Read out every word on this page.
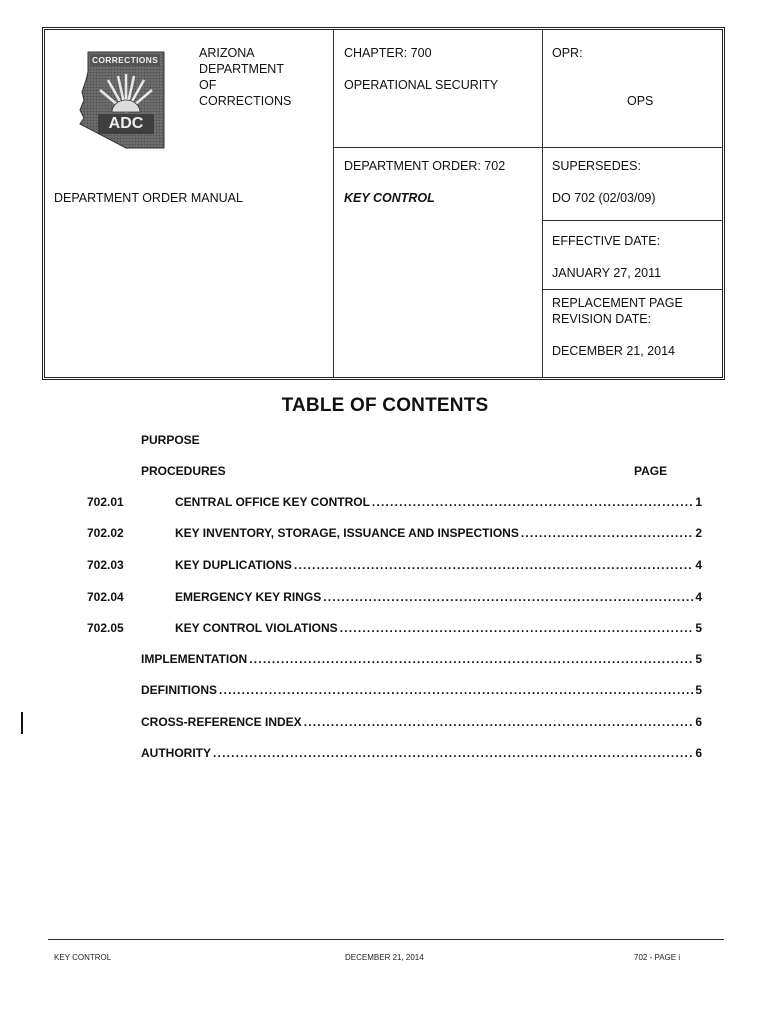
CORRECTIONS
ADC
ARIZONA
DEPARTMENT
OF
CORRECTIONS
DEPARTMENT ORDER MANUAL
CHAPTER: 700
OPERATIONAL SECURITY
OPR:
OPS
DEPARTMENT ORDER: 702
KEY CONTROL
SUPERSEDES:
DO 702 (02/03/09)
EFFECTIVE DATE:
JANUARY 27, 2011
REPLACEMENT PAGE
REVISION DATE:
DECEMBER 21, 2014
TABLE OF CONTENTS
PURPOSE
PROCEDURES	PAGE
702.01	CENTRAL OFFICE KEY CONTROL .....	1
702.02	KEY INVENTORY, STORAGE, ISSUANCE AND INSPECTIONS .....	2
702.03	KEY DUPLICATIONS .....	4
702.04	EMERGENCY KEY RINGS .....	4
702.05	KEY CONTROL VIOLATIONS .....	5
IMPLEMENTATION .....	5
DEFINITIONS .....	5
CROSS-REFERENCE INDEX .....	6
AUTHORITY .....	6
KEY CONTROL	DECEMBER 21, 2014	702 - PAGE i
